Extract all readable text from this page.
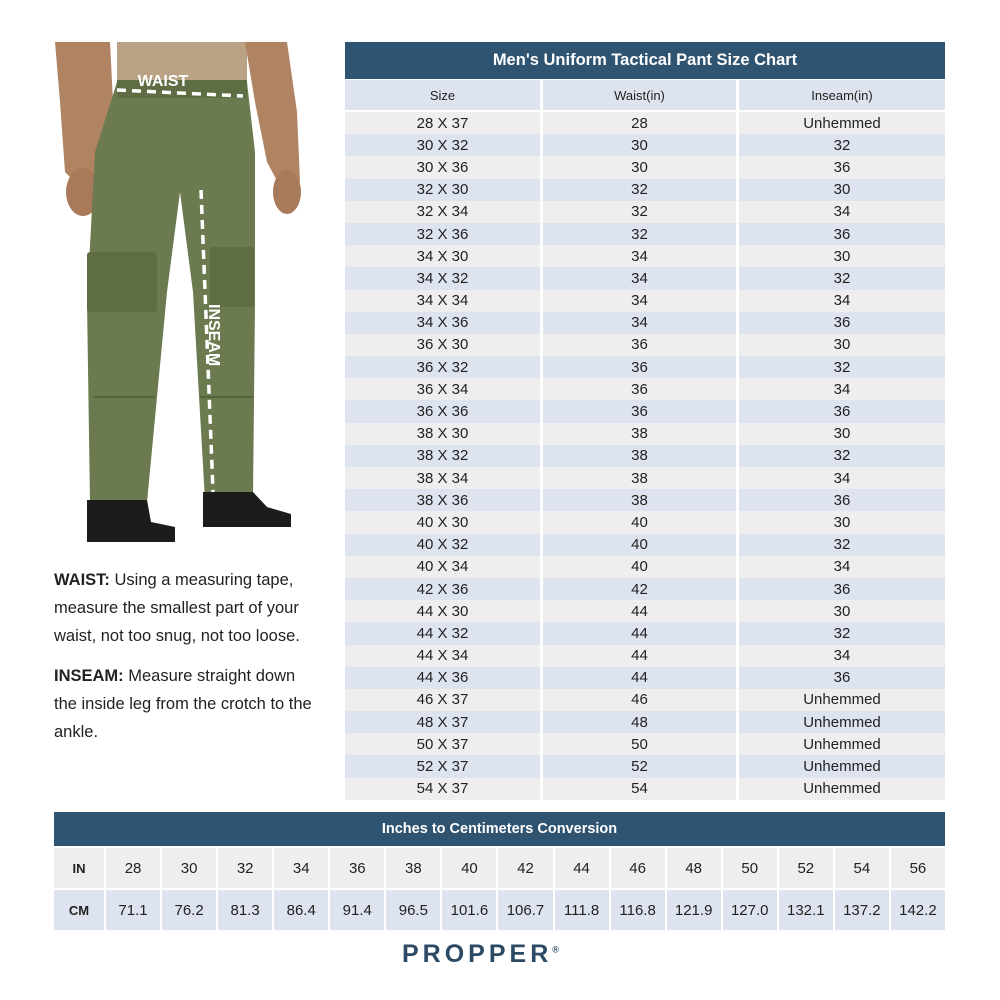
WAIST
INSEAM

WAIST: Using a measuring tape, measure the smallest part of your waist, not too snug, not too loose.

INSEAM: Measure straight down the inside leg from the crotch to the ankle.

Men's Uniform Tactical Pant Size Chart
Size	Waist(in)	Inseam(in)
28 X 37	28	Unhemmed
30 X 32	30	32
30 X 36	30	36
32 X 30	32	30
32 X 34	32	34
32 X 36	32	36
34 X 30	34	30
34 X 32	34	32
34 X 34	34	34
34 X 36	34	36
36 X 30	36	30
36 X 32	36	32
36 X 34	36	34
36 X 36	36	36
38 X 30	38	30
38 X 32	38	32
38 X 34	38	34
38 X 36	38	36
40 X 30	40	30
40 X 32	40	32
40 X 34	40	34
42 X 36	42	36
44 X 30	44	30
44 X 32	44	32
44 X 34	44	34
44 X 36	44	36
46 X 37	46	Unhemmed
48 X 37	48	Unhemmed
50 X 37	50	Unhemmed
52 X 37	52	Unhemmed
54 X 37	54	Unhemmed
Inches to Centimeters Conversion
IN	28	30	32	34	36	38	40	42	44	46	48	50	52	54	56
CM	71.1	76.2	81.3	86.4	91.4	96.5	101.6	106.7	111.8	116.8	121.9	127.0	132.1	137.2	142.2
PROPPER®
